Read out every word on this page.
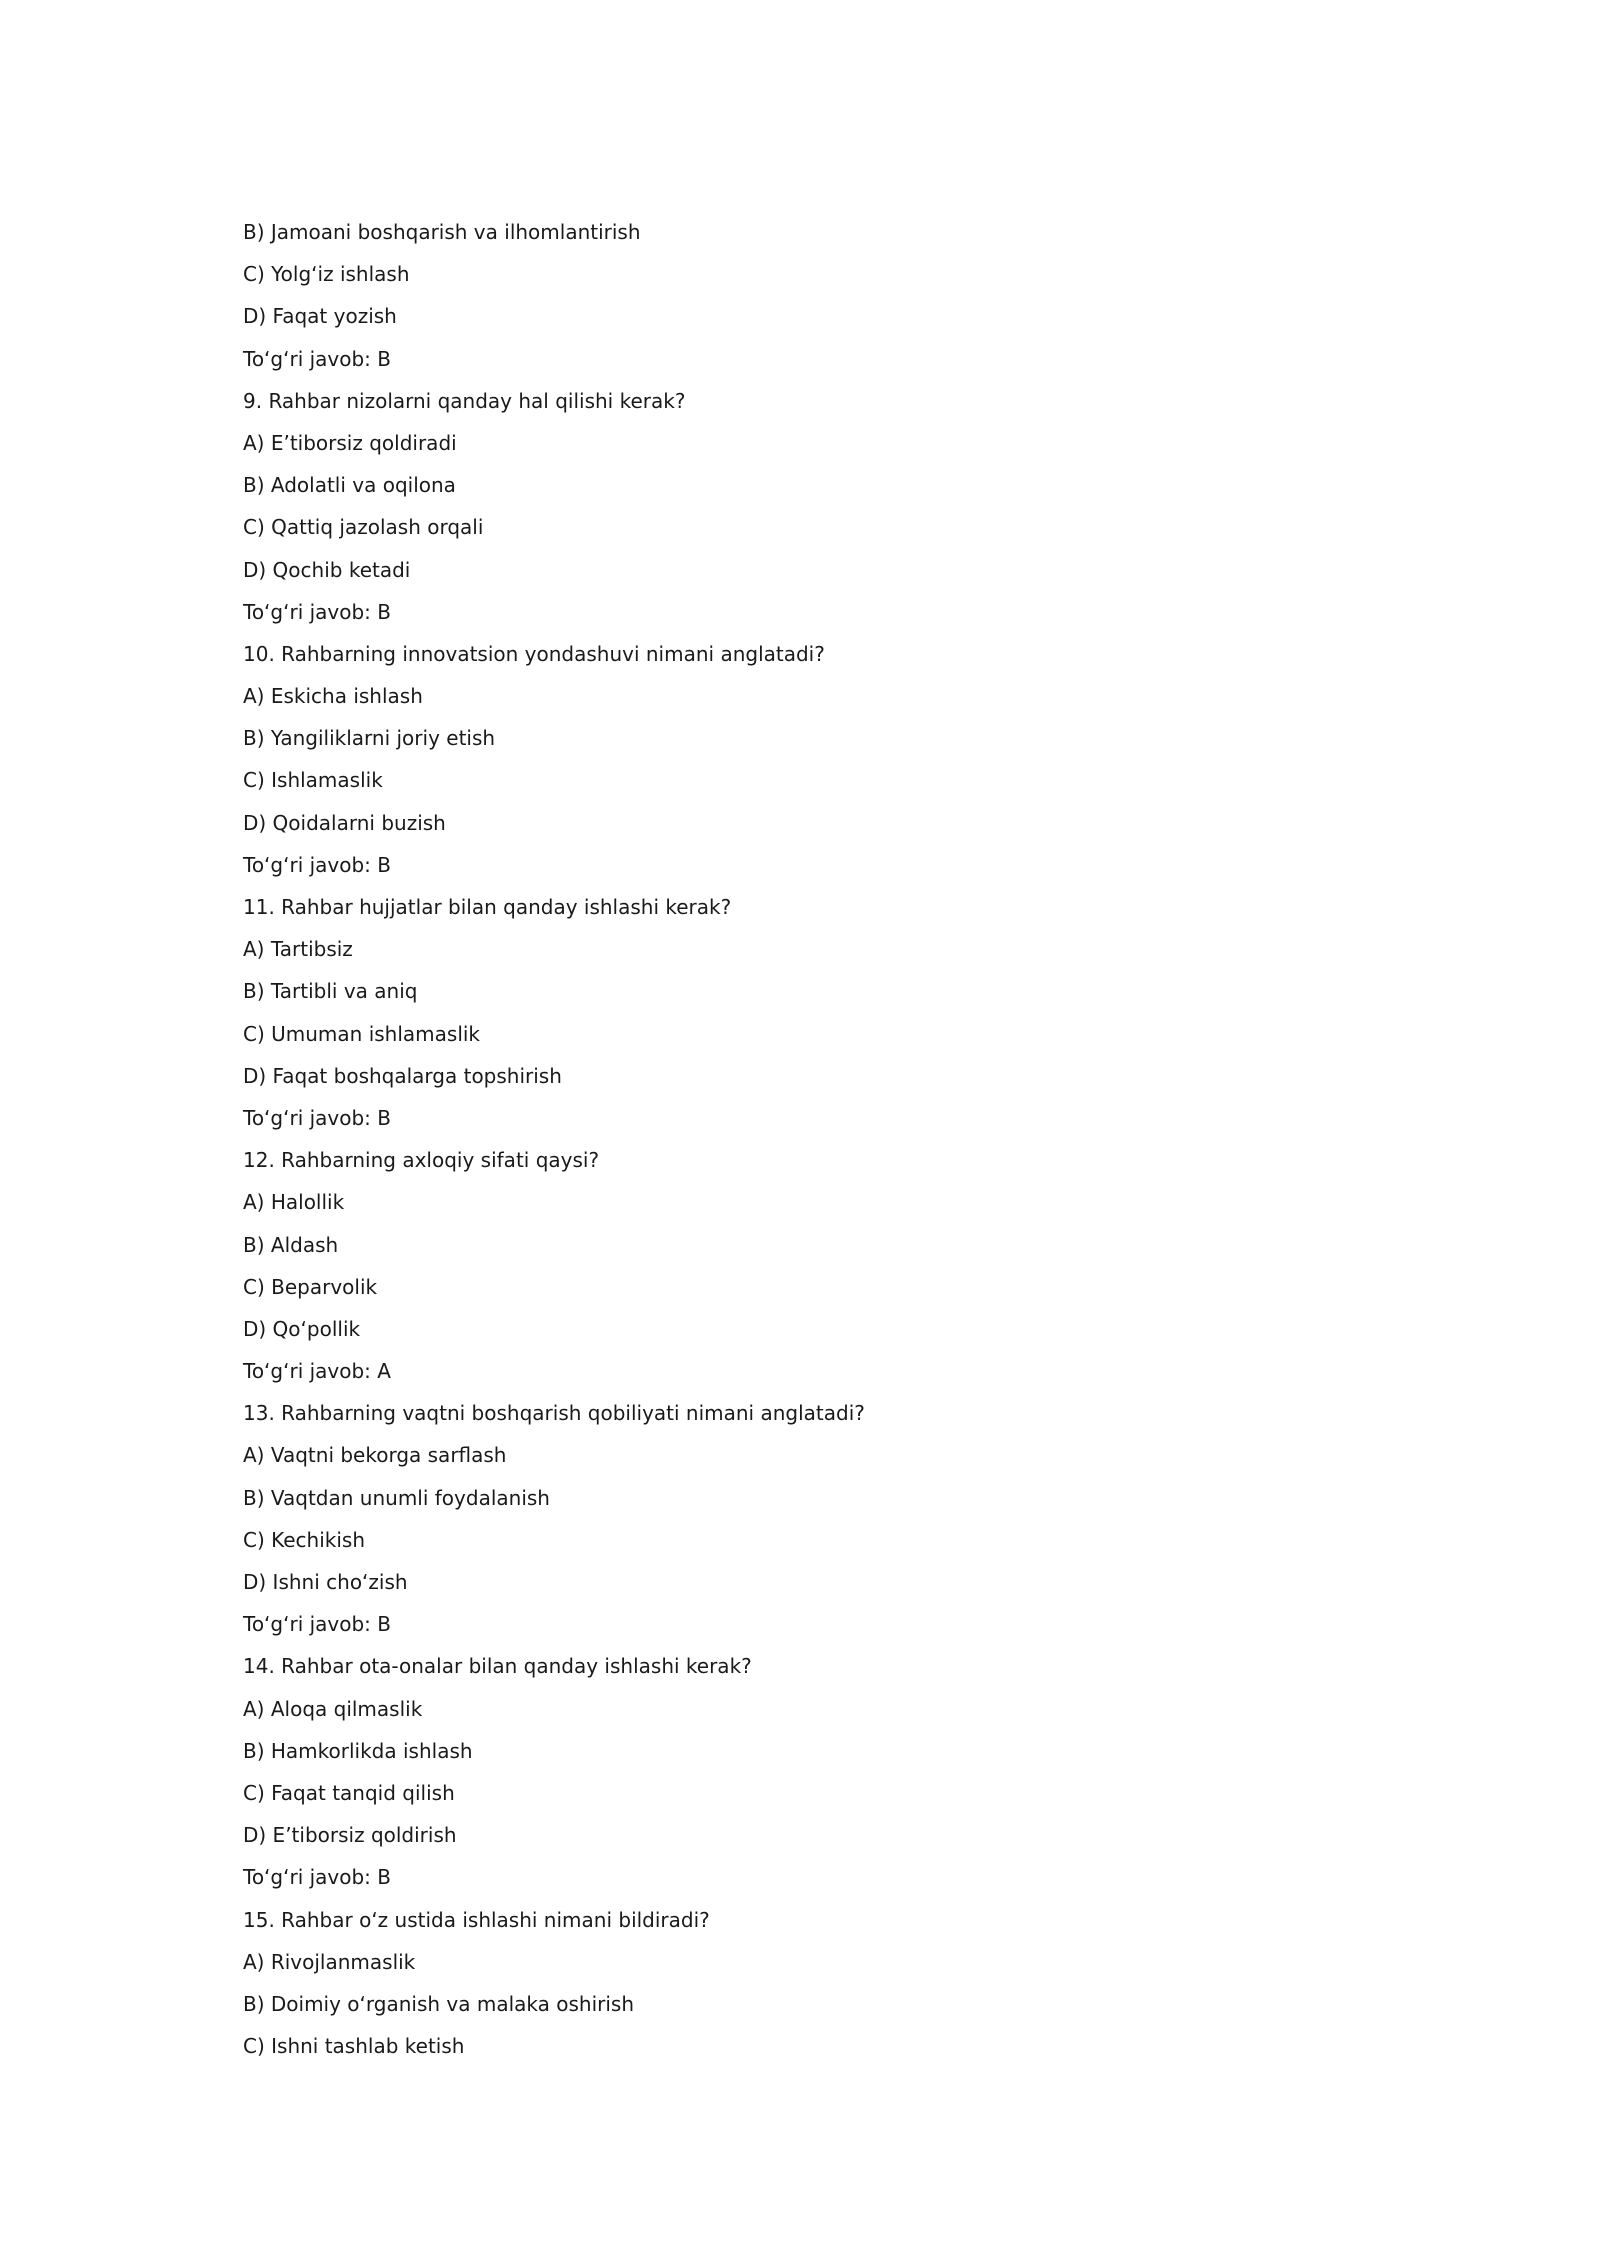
B) Jamoani boshqarish va ilhomlantirish
C) Yolg‘iz ishlash
D) Faqat yozish
To‘g‘ri javob: B
9. Rahbar nizolarni qanday hal qilishi kerak?
A) E’tiborsiz qoldiradi
B) Adolatli va oqilona
C) Qattiq jazolash orqali
D) Qochib ketadi
To‘g‘ri javob: B
10. Rahbarning innovatsion yondashuvi nimani anglatadi?
A) Eskicha ishlash
B) Yangiliklarni joriy etish
C) Ishlamaslik
D) Qoidalarni buzish
To‘g‘ri javob: B
11. Rahbar hujjatlar bilan qanday ishlashi kerak?
A) Tartibsiz
B) Tartibli va aniq
C) Umuman ishlamaslik
D) Faqat boshqalarga topshirish
To‘g‘ri javob: B
12. Rahbarning axloqiy sifati qaysi?
A) Halollik
B) Aldash
C) Beparvolik
D) Qo‘pollik
To‘g‘ri javob: A
13. Rahbarning vaqtni boshqarish qobiliyati nimani anglatadi?
A) Vaqtni bekorga sarflash
B) Vaqtdan unumli foydalanish
C) Kechikish
D) Ishni cho‘zish
To‘g‘ri javob: B
14. Rahbar ota-onalar bilan qanday ishlashi kerak?
A) Aloqa qilmaslik
B) Hamkorlikda ishlash
C) Faqat tanqid qilish
D) E’tiborsiz qoldirish
To‘g‘ri javob: B
15. Rahbar o‘z ustida ishlashi nimani bildiradi?
A) Rivojlanmaslik
B) Doimiy o‘rganish va malaka oshirish
C) Ishni tashlab ketish
